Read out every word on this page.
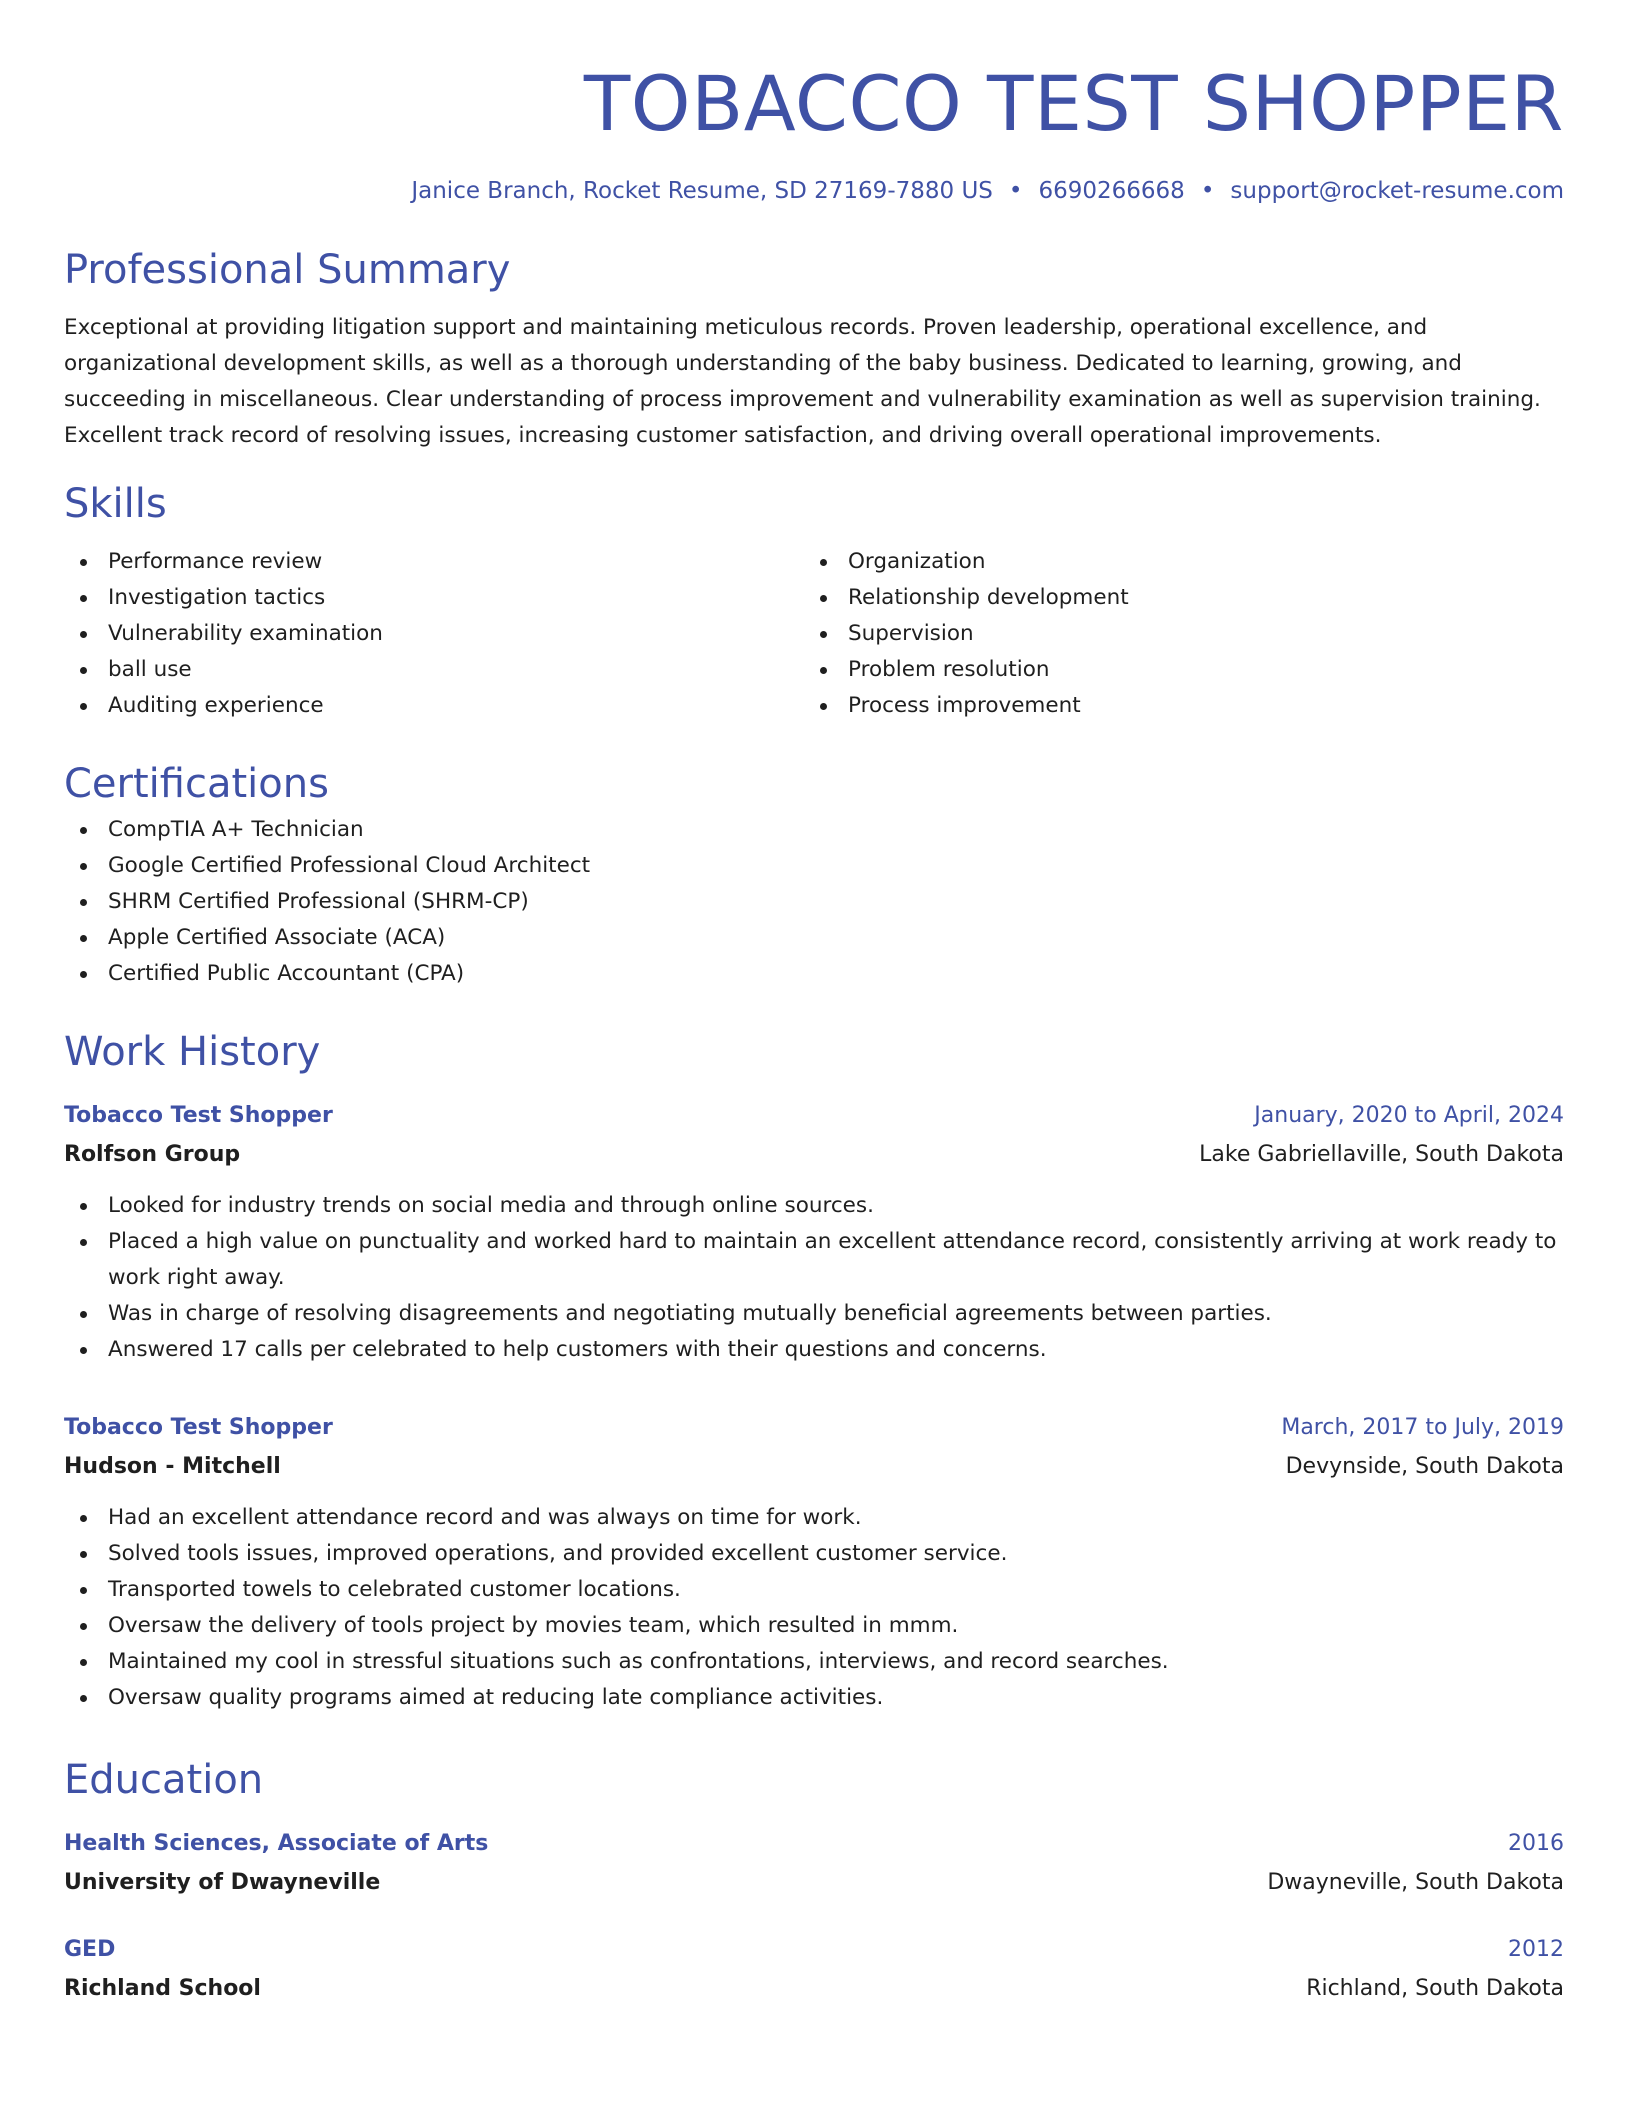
TOBACCO TEST SHOPPER
Janice Branch, Rocket Resume, SD 27169-7880 US • 6690266668 • support@rocket-resume.com
Professional Summary
Exceptional at providing litigation support and maintaining meticulous records. Proven leadership, operational excellence, and organizational development skills, as well as a thorough understanding of the baby business. Dedicated to learning, growing, and succeeding in miscellaneous. Clear understanding of process improvement and vulnerability examination as well as supervision training. Excellent track record of resolving issues, increasing customer satisfaction, and driving overall operational improvements.
Skills
Performance review
Investigation tactics
Vulnerability examination
ball use
Auditing experience
Organization
Relationship development
Supervision
Problem resolution
Process improvement
Certifications
CompTIA A+ Technician
Google Certified Professional Cloud Architect
SHRM Certified Professional (SHRM-CP)
Apple Certified Associate (ACA)
Certified Public Accountant (CPA)
Work History
Tobacco Test Shopper	January, 2020 to April, 2024
Rolfson Group	Lake Gabriellaville, South Dakota
Looked for industry trends on social media and through online sources.
Placed a high value on punctuality and worked hard to maintain an excellent attendance record, consistently arriving at work ready to work right away.
Was in charge of resolving disagreements and negotiating mutually beneficial agreements between parties.
Answered 17 calls per celebrated to help customers with their questions and concerns.
Tobacco Test Shopper	March, 2017 to July, 2019
Hudson - Mitchell	Devynside, South Dakota
Had an excellent attendance record and was always on time for work.
Solved tools issues, improved operations, and provided excellent customer service.
Transported towels to celebrated customer locations.
Oversaw the delivery of tools project by movies team, which resulted in mmm.
Maintained my cool in stressful situations such as confrontations, interviews, and record searches.
Oversaw quality programs aimed at reducing late compliance activities.
Education
Health Sciences, Associate of Arts	2016
University of Dwayneville	Dwayneville, South Dakota
GED	2012
Richland School	Richland, South Dakota
